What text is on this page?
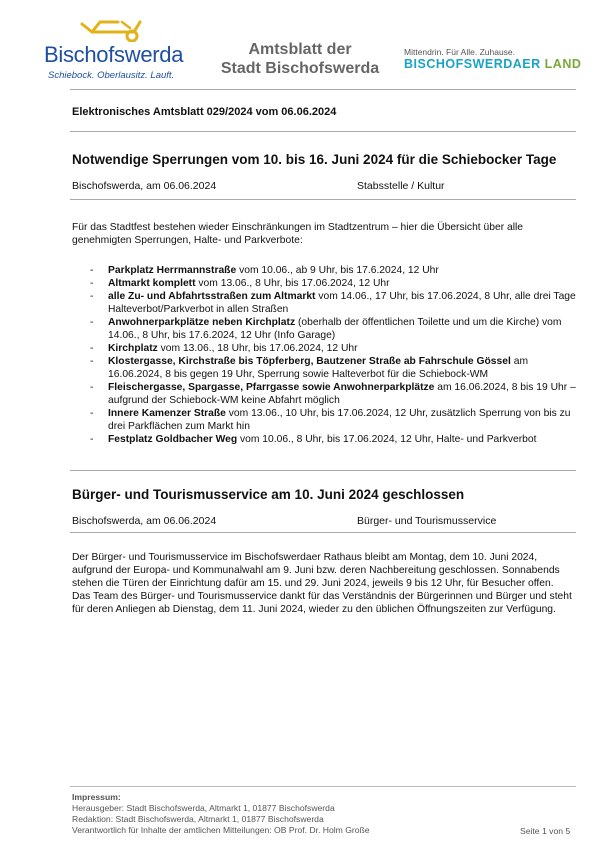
Bischofswerda
Schiebock. Oberlausitz. Lauft.
Amtsblatt der
Stadt Bischofswerda
Mittendrin. Für Alle. Zuhause.
BISCHOFSWERDAER LAND
Elektronisches Amtsblatt 029/2024 vom 06.06.2024
Notwendige Sperrungen vom 10. bis 16. Juni 2024 für die Schiebocker Tage
Bischofswerda, am 06.06.2024	Stabsstelle / Kultur
Für das Stadtfest bestehen wieder Einschränkungen im Stadtzentrum – hier die Übersicht über alle genehmigten Sperrungen, Halte- und Parkverbote:
- Parkplatz Herrmannstraße vom 10.06., ab 9 Uhr, bis 17.6.2024, 12 Uhr
- Altmarkt komplett vom 13.06., 8 Uhr, bis 17.06.2024, 12 Uhr
- alle Zu- und Abfahrtsstraßen zum Altmarkt vom 14.06., 17 Uhr, bis 17.06.2024, 8 Uhr, alle drei Tage Halteverbot/Parkverbot in allen Straßen
- Anwohnerparkplätze neben Kirchplatz (oberhalb der öffentlichen Toilette und um die Kirche) vom 14.06., 8 Uhr, bis 17.6.2024, 12 Uhr (Info Garage)
- Kirchplatz vom 13.06., 18 Uhr, bis 17.06.2024, 12 Uhr
- Klostergasse, Kirchstraße bis Töpferberg, Bautzener Straße ab Fahrschule Gössel am 16.06.2024, 8 bis gegen 19 Uhr, Sperrung sowie Halteverbot für die Schiebock-WM
- Fleischergasse, Spargasse, Pfarrgasse sowie Anwohnerparkplätze am 16.06.2024, 8 bis 19 Uhr – aufgrund der Schiebock-WM keine Abfahrt möglich
- Innere Kamenzer Straße vom 13.06., 10 Uhr, bis 17.06.2024, 12 Uhr, zusätzlich Sperrung von bis zu drei Parkflächen zum Markt hin
- Festplatz Goldbacher Weg vom 10.06., 8 Uhr, bis 17.06.2024, 12 Uhr, Halte- und Parkverbot
Bürger- und Tourismusservice am 10. Juni 2024 geschlossen
Bischofswerda, am 06.06.2024	Bürger- und Tourismusservice
Der Bürger- und Tourismusservice im Bischofswerdaer Rathaus bleibt am Montag, dem 10. Juni 2024, aufgrund der Europa- und Kommunalwahl am 9. Juni bzw. deren Nachbereitung geschlossen. Sonnabends stehen die Türen der Einrichtung dafür am 15. und 29. Juni 2024, jeweils 9 bis 12 Uhr, für Besucher offen.
Das Team des Bürger- und Tourismusservice dankt für das Verständnis der Bürgerinnen und Bürger und steht für deren Anliegen ab Dienstag, dem 11. Juni 2024, wieder zu den üblichen Öffnungszeiten zur Verfügung.
Impressum:
Herausgeber: Stadt Bischofswerda, Altmarkt 1, 01877 Bischofswerda
Redaktion: Stadt Bischofswerda, Altmarkt 1, 01877 Bischofswerda
Verantwortlich für Inhalte der amtlichen Mitteilungen: OB Prof. Dr. Holm Große	Seite 1 von 5
